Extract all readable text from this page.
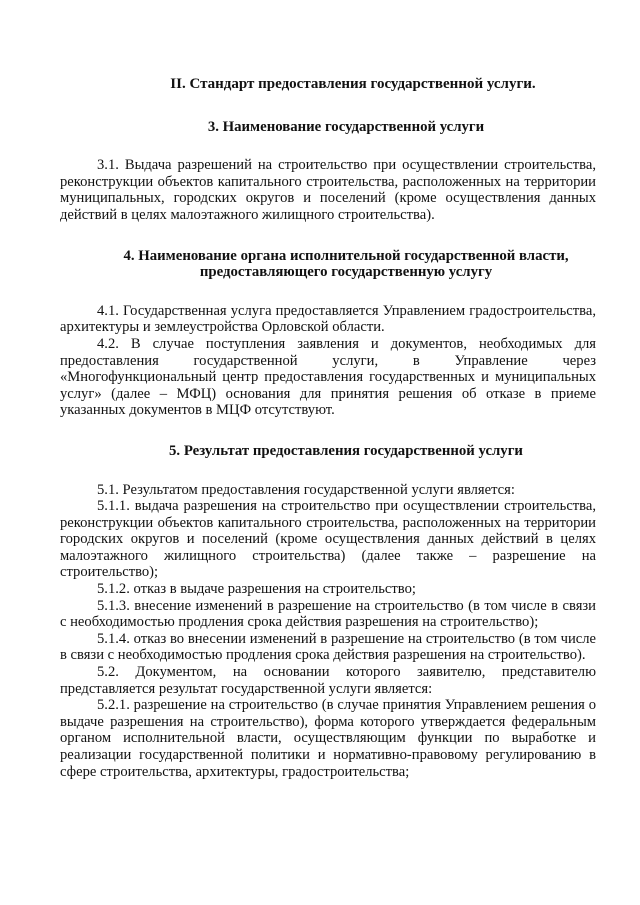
II. Стандарт предоставления государственной услуги.
3. Наименование государственной услуги

3.1. Выдача разрешений на строительство при осуществлении строительства, реконструкции объектов капитального строительства, расположенных на территории муниципальных, городских округов и поселений (кроме осуществления данных действий в целях малоэтажного жилищного строительства).

4. Наименование органа исполнительной государственной власти,
предоставляющего государственную услугу

4.1. Государственная услуга предоставляется Управлением градостроительства, архитектуры и землеустройства Орловской области.

4.2. В случае поступления заявления и документов, необходимых для предоставления государственной услуги, в Управление через «Многофункциональный центр предоставления государственных и муниципальных услуг» (далее – МФЦ) основания для принятия решения об отказе в приеме указанных документов в МЦФ отсутствуют.

5. Результат предоставления государственной услуги

5.1. Результатом предоставления государственной услуги является:

5.1.1. выдача разрешения на строительство при осуществлении строительства, реконструкции объектов капитального строительства, расположенных на территории городских округов и поселений (кроме осуществления данных действий в целях малоэтажного жилищного строительства) (далее также – разрешение на строительство);

5.1.2. отказ в выдаче разрешения на строительство;

5.1.3. внесение изменений в разрешение на строительство (в том числе в связи с необходимостью продления срока действия разрешения на строительство);

5.1.4. отказ во внесении изменений в разрешение на строительство (в том числе в связи с необходимостью продления срока действия разрешения на строительство).

5.2. Документом, на основании которого заявителю, представителю представляется результат государственной услуги является:

5.2.1. разрешение на строительство (в случае принятия Управлением решения о выдаче разрешения на строительство), форма которого утверждается федеральным органом исполнительной власти, осуществляющим функции по выработке и реализации государственной политики и нормативно-правовому регулированию в сфере строительства, архитектуры, градостроительства;
